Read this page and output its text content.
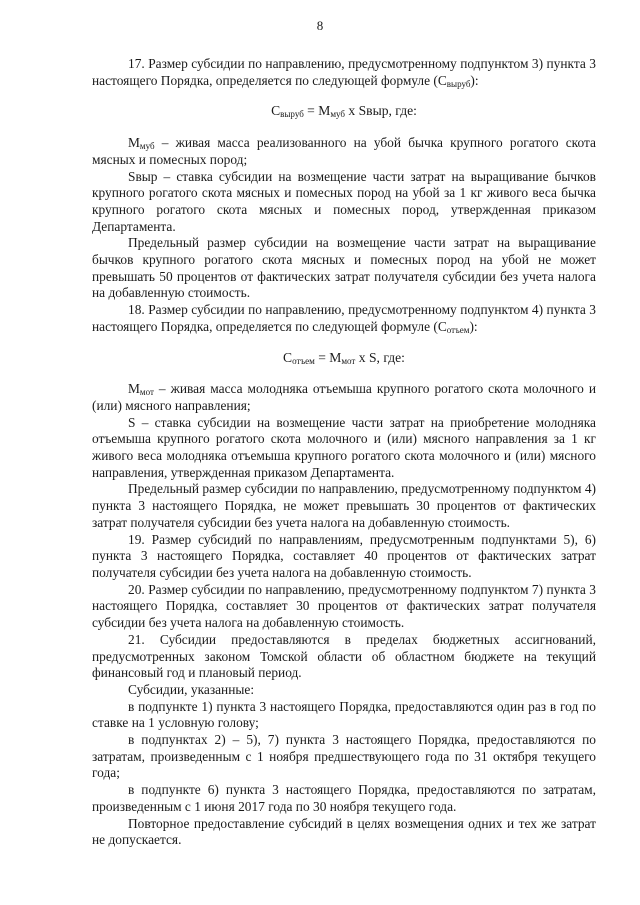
8

17. Размер субсидии по направлению, предусмотренному подпунктом 3) пункта 3 настоящего Порядка, определяется по следующей формуле $(С_{выруб})$:

$С_{выруб} = М_{муб}$ х Sвыр, где:

$М_{муб}$ – живая масса реализованного на убой бычка крупного рогатого скота мясных и помесных пород;

Sвыр – ставка субсидии на возмещение части затрат на выращивание бычков крупного рогатого скота мясных и помесных пород на убой за 1 кг живого веса бычка крупного рогатого скота мясных и помесных пород, утвержденная приказом Департамента.

Предельный размер субсидии на возмещение части затрат на выращивание бычков крупного рогатого скота мясных и помесных пород на убой не может превышать 50 процентов от фактических затрат получателя субсидии без учета налога на добавленную стоимость.

18. Размер субсидии по направлению, предусмотренному подпунктом 4) пункта 3 настоящего Порядка, определяется по следующей формуле $(С_{отъем})$:

$С_{отъем} = М_{мот}$ х S, где:

$М_{мот}$ – живая масса молодняка отъемыша крупного рогатого скота молочного и (или) мясного направления;

S – ставка субсидии на возмещение части затрат на приобретение молодняка отъемыша крупного рогатого скота молочного и (или) мясного направления за 1 кг живого веса молодняка отъемыша крупного рогатого скота молочного и (или) мясного направления, утвержденная приказом Департамента.

Предельный размер субсидии по направлению, предусмотренному подпунктом 4) пункта 3 настоящего Порядка, не может превышать 30 процентов от фактических затрат получателя субсидии без учета налога на добавленную стоимость.

19. Размер субсидий по направлениям, предусмотренным подпунктами 5), 6) пункта 3 настоящего Порядка, составляет 40 процентов от фактических затрат получателя субсидии без учета налога на добавленную стоимость.

20. Размер субсидии по направлению, предусмотренному подпунктом 7) пункта 3 настоящего Порядка, составляет 30 процентов от фактических затрат получателя субсидии без учета налога на добавленную стоимость.

21. Субсидии предоставляются в пределах бюджетных ассигнований, предусмотренных законом Томской области об областном бюджете на текущий финансовый год и плановый период.

Субсидии, указанные:

в подпункте 1) пункта 3 настоящего Порядка, предоставляются один раз в год по ставке на 1 условную голову;

в подпунктах 2) – 5), 7) пункта 3 настоящего Порядка, предоставляются по затратам, произведенным с 1 ноября предшествующего года по 31 октября текущего года;

в подпункте 6) пункта 3 настоящего Порядка, предоставляются по затратам, произведенным с 1 июня 2017 года по 30 ноября текущего года.

Повторное предоставление субсидий в целях возмещения одних и тех же затрат не допускается.
